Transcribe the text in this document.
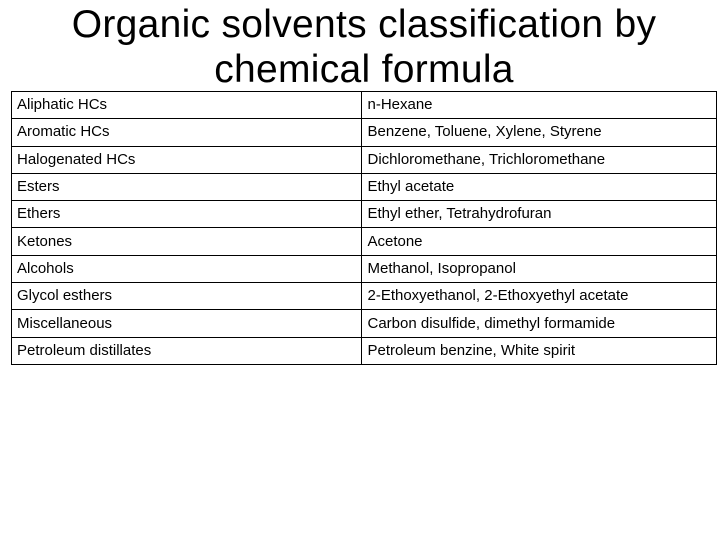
Organic solvents classification by chemical formula
Aliphatic HCs	n-Hexane
Aromatic HCs	Benzene, Toluene, Xylene, Styrene
Halogenated HCs	Dichloromethane, Trichloromethane
Esters	Ethyl acetate
Ethers	Ethyl ether, Tetrahydrofuran
Ketones	Acetone
Alcohols	Methanol, Isopropanol
Glycol esthers	2-Ethoxyethanol, 2-Ethoxyethyl acetate
Miscellaneous	Carbon disulfide, dimethyl formamide
Petroleum distillates	Petroleum benzine, White spirit
